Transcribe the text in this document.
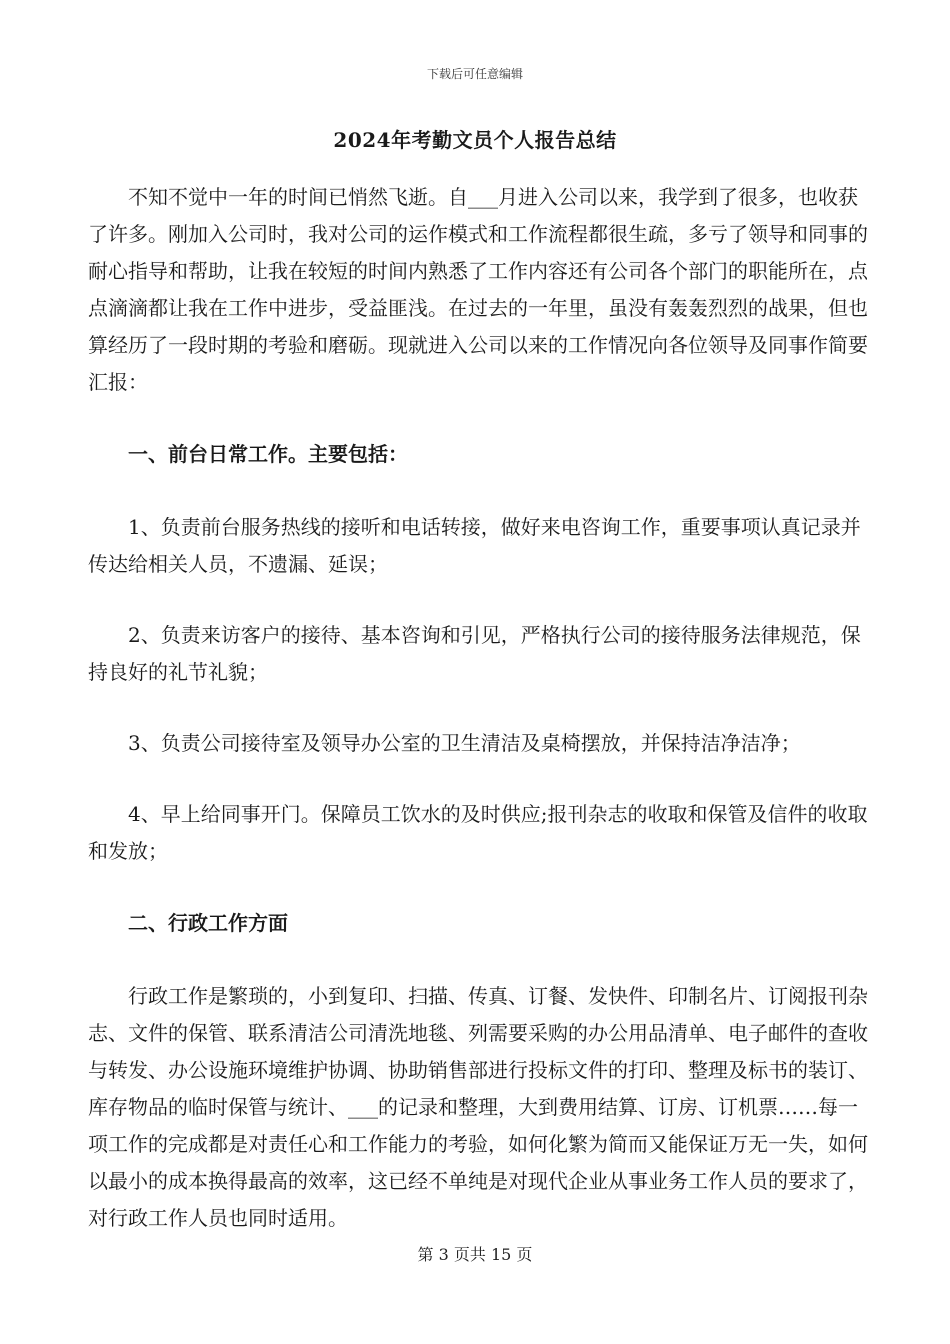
下载后可任意编辑
2024年考勤文员个人报告总结

不知不觉中一年的时间已悄然飞逝。自___月进入公司以来，我学到了很多，也收获了许多。刚加入公司时，我对公司的运作模式和工作流程都很生疏，多亏了领导和同事的耐心指导和帮助，让我在较短的时间内熟悉了工作内容还有公司各个部门的职能所在，点点滴滴都让我在工作中进步，受益匪浅。在过去的一年里，虽没有轰轰烈烈的战果，但也算经历了一段时期的考验和磨砺。现就进入公司以来的工作情况向各位领导及同事作简要汇报：

一、前台日常工作。主要包括：

1、负责前台服务热线的接听和电话转接，做好来电咨询工作，重要事项认真记录并传达给相关人员，不遗漏、延误；

2、负责来访客户的接待、基本咨询和引见，严格执行公司的接待服务法律规范，保持良好的礼节礼貌；

3、负责公司接待室及领导办公室的卫生清洁及桌椅摆放，并保持洁净洁净；

4、早上给同事开门。保障员工饮水的及时供应;报刊杂志的收取和保管及信件的收取和发放；

二、行政工作方面

行政工作是繁琐的，小到复印、扫描、传真、订餐、发快件、印制名片、订阅报刊杂志、文件的保管、联系清洁公司清洗地毯、列需要采购的办公用品清单、电子邮件的查收与转发、办公设施环境维护协调、协助销售部进行投标文件的打印、整理及标书的装订、库存物品的临时保管与统计、___的记录和整理，大到费用结算、订房、订机票……每一项工作的完成都是对责任心和工作能力的考验，如何化繁为简而又能保证万无一失，如何以最小的成本换得最高的效率，这已经不单纯是对现代企业从事业务工作人员的要求了，对行政工作人员也同时适用。

第 3 页共 15 页
